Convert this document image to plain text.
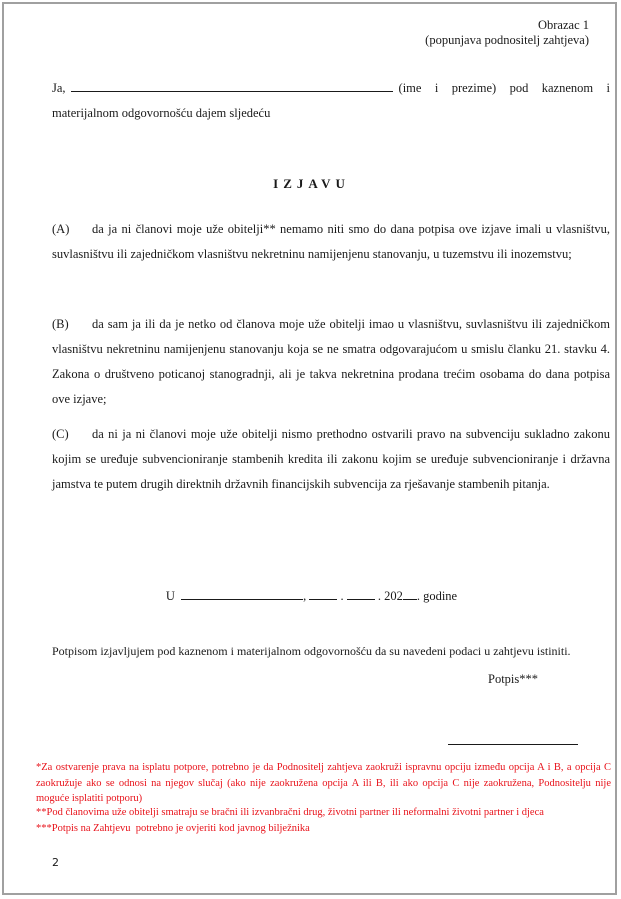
Obrazac 1
(popunjava podnositelj zahtjeva)
Ja,	(ime i prezime) pod kaznenom i
materijalnom odgovornošću dajem sljedeću
IZJAVU
(A) da ja ni članovi moje uže obitelji** nemamo niti smo do dana potpisa ove izjave imali u vlasništvu, suvlasništvu ili zajedničkom vlasništvu nekretninu namijenjenu stanovanju, u tuzemstvu ili inozemstvu;
(B) da sam ja ili da je netko od članova moje uže obitelji imao u vlasništvu, suvlasništvu ili zajedničkom vlasništvu nekretninu namijenjenu stanovanju koja se ne smatra odgovarajućom u smislu članku 21. stavku 4. Zakona o društveno poticanoj stanogradnji, ali je takva nekretnina prodana trećim osobama do dana potpisa ove izjave;
(C) da ni ja ni članovi moje uže obitelji nismo prethodno ostvarili pravo na subvenciju sukladno zakonu kojim se uređuje subvencioniranje stambenih kredita ili zakonu kojim se uređuje subvencioniranje i državna jamstva te putem drugih direktnih državnih financijskih subvencija za rješavanje stambenih pitanja.
U	,	.	. 202 . godine
Potpisom izjavljujem pod kaznenom i materijalnom odgovornošću da su navedeni podaci u zahtjevu istiniti.
Potpis***
*Za ostvarenje prava na isplatu potpore, potrebno je da Podnositelj zahtjeva zaokruži ispravnu opciju između opcija A i B, a opcija C zaokružuje ako se odnosi na njegov slučaj (ako nije zaokružena opcija A ili B, ili ako opcija C nije zaokružena, Podnositelju nije moguće isplatiti potporu)
**Pod članovima uže obitelji smatraju se bračni ili izvanbračni drug, životni partner ili neformalni životni partner i djeca
***Potpis na Zahtjevu  potrebno je ovjeriti kod javnog bilježnika
2
